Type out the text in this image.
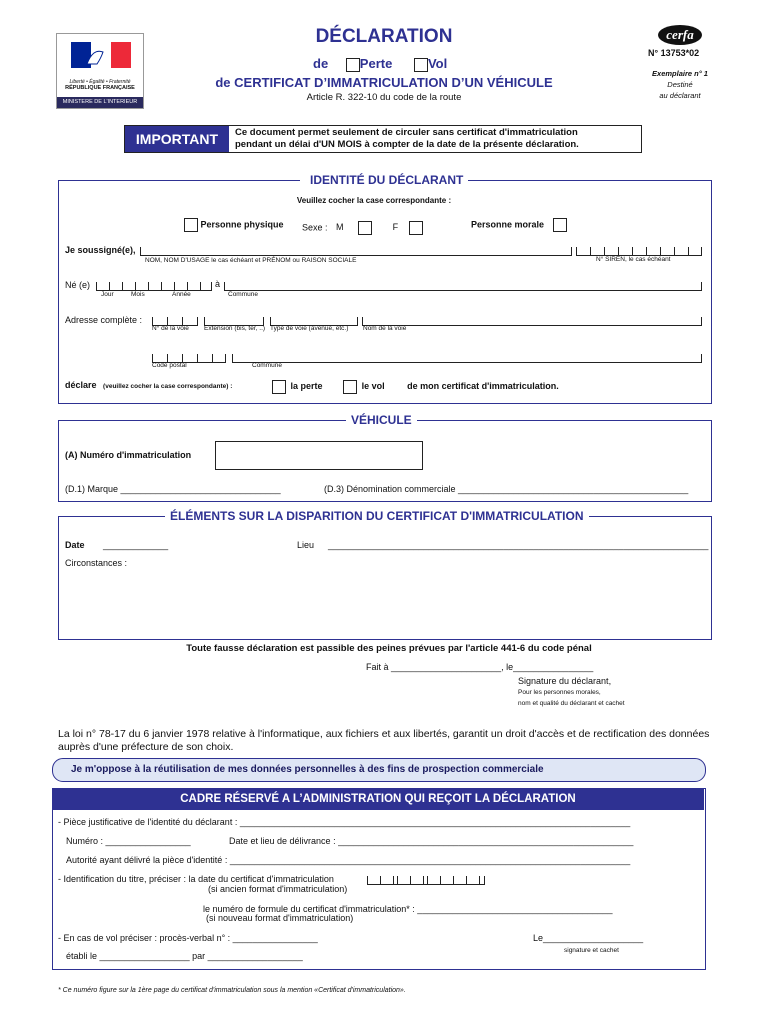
Liberté • Égalité • Fraternité
RÉPUBLIQUE FRANÇAISE
MINISTERE DE L'INTERIEUR
DÉCLARATION
de Perte	Vol
de CERTIFICAT D’IMMATRICULATION D’UN VÉHICULE
Article R. 322-10 du code de la route
cerfa
N° 13753*02
Exemplaire n° 1
Destiné
au déclarant
IMPORTANT	Ce document permet seulement de circuler sans certificat d'immatriculation
pendant un délai d'UN MOIS à compter de la date de la présente déclaration.
IDENTITÉ DU DÉCLARANT
Veuillez cocher la case correspondante :
Personne physique Sexe : M	F	Personne morale
Je soussigné(e),
NOM, NOM D'USAGE le cas échéant et PRÉNOM ou RAISON SOCIALE	N° SIREN, le cas échéant
Né (e)	à
Jour	Mois	Année	Commune
Adresse complète :
N° de la voie Extension (bis, ter, ..) Type de voie (avenue, etc.) Nom de la voie
Code postal	Commune
déclare (veuillez cocher la case correspondante) :	la perte	le vol	de mon certificat d'immatriculation.
VÉHICULE
(A) Numéro d'immatriculation
(D.1) Marque ________________________________	(D.3) Dénomination commerciale ______________________________________________
ÉLÉMENTS SUR LA DISPARITION DU CERTIFICAT D'IMMATRICULATION
Date _____________	Lieu ____________________________________________________________________________
Circonstances :
Toute fausse déclaration est passible des peines prévues par l'article 441-6 du code pénal
Fait à ______________________, le________________
Signature du déclarant,
Pour les personnes morales,
nom et qualité du déclarant et cachet
La loi n° 78-17 du 6 janvier 1978 relative à l'informatique, aux fichiers et aux libertés, garantit un droit d'accès et de rectification des données auprès d'une préfecture de son choix.
Je m'oppose à la réutilisation de mes données personnelles à des fins de prospection commerciale
CADRE RÉSERVÉ A L’ADMINISTRATION QUI REÇOIT LA DÉCLARATION
- Pièce justificative de l'identité du déclarant : ______________________________________________________________________________
Numéro : _________________	Date et lieu de délivrance : ___________________________________________________________
Autorité ayant délivré la pièce d'identité : ________________________________________________________________________________
- Identification du titre, préciser : la date du certificat d'immatriculation
(si ancien format d'immatriculation)
le numéro de formule du certificat d'immatriculation* : _______________________________________
(si nouveau format d'immatriculation)
- En cas de vol préciser : procès-verbal n° : _________________	Le____________________
signature et cachet
établi le __________________ par ___________________
* Ce numéro figure sur la 1ère page du certificat d'immatriculation sous la mention «Certificat d'immatriculation».
